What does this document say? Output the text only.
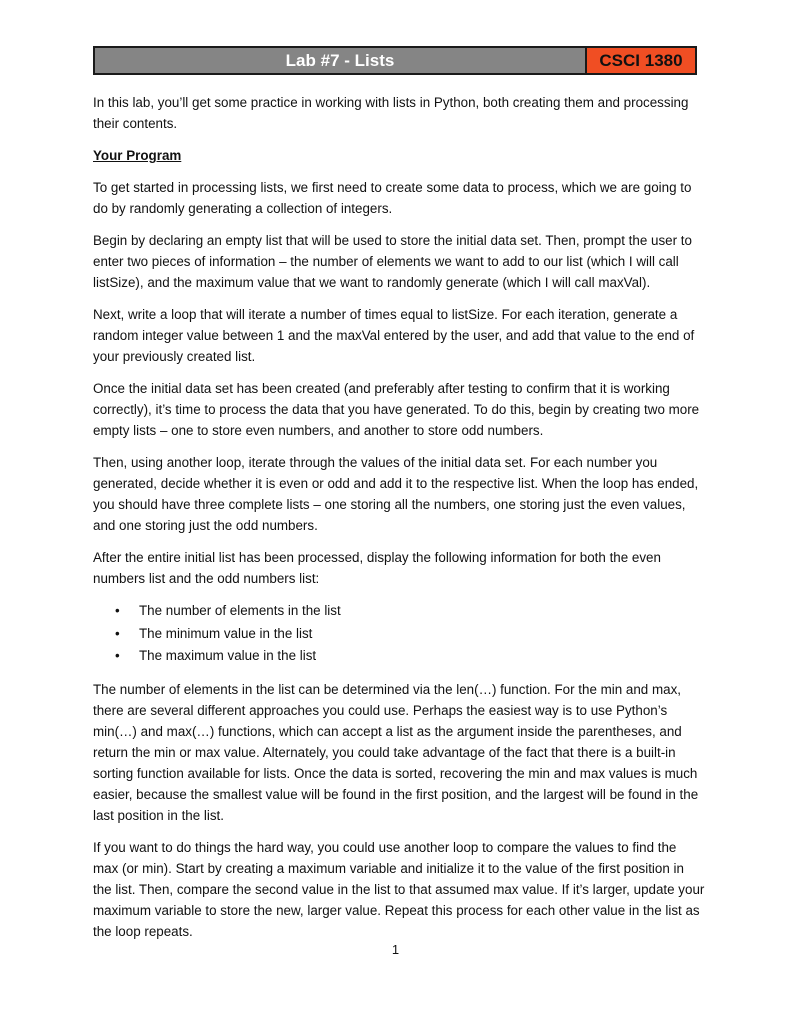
Lab #7 - Lists	CSCI 1380

In this lab, you’ll get some practice in working with lists in Python, both creating them and processing their contents.

Your Program

To get started in processing lists, we first need to create some data to process, which we are going to do by randomly generating a collection of integers.

Begin by declaring an empty list that will be used to store the initial data set. Then, prompt the user to enter two pieces of information – the number of elements we want to add to our list (which I will call listSize), and the maximum value that we want to randomly generate (which I will call maxVal).

Next, write a loop that will iterate a number of times equal to listSize. For each iteration, generate a random integer value between 1 and the maxVal entered by the user, and add that value to the end of your previously created list.

Once the initial data set has been created (and preferably after testing to confirm that it is working correctly), it’s time to process the data that you have generated. To do this, begin by creating two more empty lists – one to store even numbers, and another to store odd numbers.

Then, using another loop, iterate through the values of the initial data set. For each number you generated, decide whether it is even or odd and add it to the respective list. When the loop has ended, you should have three complete lists – one storing all the numbers, one storing just the even values, and one storing just the odd numbers.

After the entire initial list has been processed, display the following information for both the even numbers list and the odd numbers list:

• The number of elements in the list
• The minimum value in the list
• The maximum value in the list

The number of elements in the list can be determined via the len(…) function. For the min and max, there are several different approaches you could use. Perhaps the easiest way is to use Python’s min(…) and max(…) functions, which can accept a list as the argument inside the parentheses, and return the min or max value. Alternately, you could take advantage of the fact that there is a built-in sorting function available for lists. Once the data is sorted, recovering the min and max values is much easier, because the smallest value will be found in the first position, and the largest will be found in the last position in the list.

If you want to do things the hard way, you could use another loop to compare the values to find the max (or min). Start by creating a maximum variable and initialize it to the value of the first position in the list. Then, compare the second value in the list to that assumed max value. If it’s larger, update your maximum variable to store the new, larger value. Repeat this process for each other value in the list as the loop repeats.

1
